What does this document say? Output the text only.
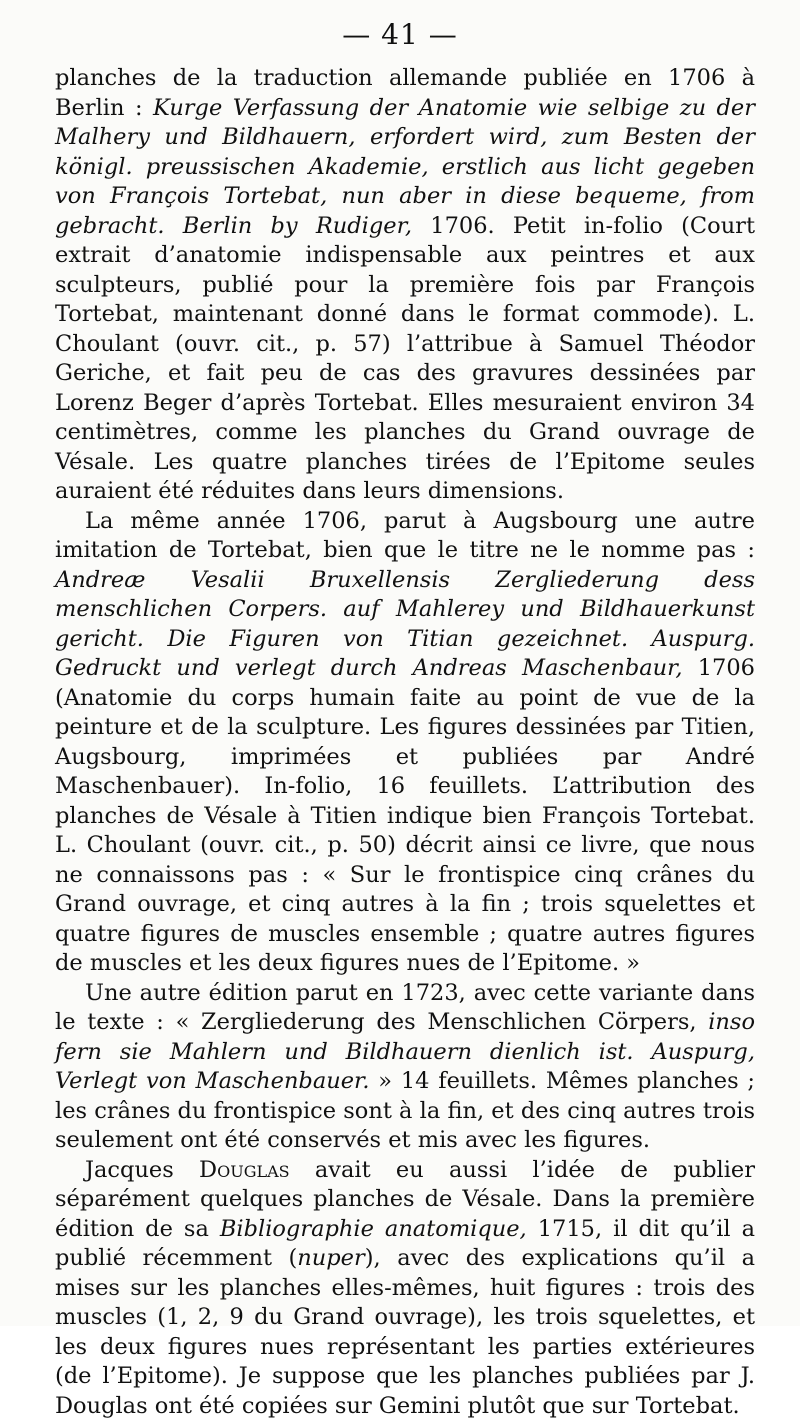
— 41 —

planches de la traduction allemande publiée en 1706 à Berlin : Kurge Verfassung der Anatomie wie selbige zu der Malhery und Bildhauern, erfordert wird, zum Besten der königl. preussischen Akademie, erstlich aus licht gegeben von François Tortebat, nun aber in diese bequeme, from gebracht. Berlin by Rudiger, 1706. Petit in-folio (Court extrait d’anatomie indispensable aux peintres et aux sculpteurs, publié pour la première fois par François Tortebat, maintenant donné dans le format commode). L. Choulant (ouvr. cit., p. 57) l’attribue à Samuel Théodor Geriche, et fait peu de cas des gravures dessinées par Lorenz Beger d’après Tortebat. Elles mesuraient environ 34 centimètres, comme les planches du Grand ouvrage de Vésale. Les quatre planches tirées de l’Epitome seules auraient été réduites dans leurs dimensions.

La même année 1706, parut à Augsbourg une autre imitation de Tortebat, bien que le titre ne le nomme pas : Andreæ Vesalii Bruxellensis Zergliederung dess menschlichen Corpers. auf Mahlerey und Bildhauerkunst gericht. Die Figuren von Titian gezeichnet. Auspurg. Gedruckt und verlegt durch Andreas Maschenbaur, 1706 (Anatomie du corps humain faite au point de vue de la peinture et de la sculpture. Les figures dessinées par Titien, Augsbourg, imprimées et publiées par André Maschenbauer). In-folio, 16 feuillets. L’attribution des planches de Vésale à Titien indique bien François Tortebat. L. Choulant (ouvr. cit., p. 50) décrit ainsi ce livre, que nous ne connaissons pas : « Sur le frontispice cinq crânes du Grand ouvrage, et cinq autres à la fin ; trois squelettes et quatre figures de muscles ensemble ; quatre autres figures de muscles et les deux figures nues de l’Epitome. »

Une autre édition parut en 1723, avec cette variante dans le texte : « Zergliederung des Menschlichen Cörpers, inso fern sie Mahlern und Bildhauern dienlich ist. Auspurg, Verlegt von Maschenbauer. » 14 feuillets. Mêmes planches ; les crânes du frontispice sont à la fin, et des cinq autres trois seulement ont été conservés et mis avec les figures.

Jacques Douglas avait eu aussi l’idée de publier séparément quelques planches de Vésale. Dans la première édition de sa Bibliographie anatomique, 1715, il dit qu’il a publié récemment (nuper), avec des explications qu’il a mises sur les planches elles-mêmes, huit figures : trois des muscles (1, 2, 9 du Grand ouvrage), les trois squelettes, et les deux figures nues représentant les parties extérieures (de l’Epitome). Je suppose que les planches publiées par J. Douglas ont été copiées sur Gemini plutôt que sur Tortebat.
